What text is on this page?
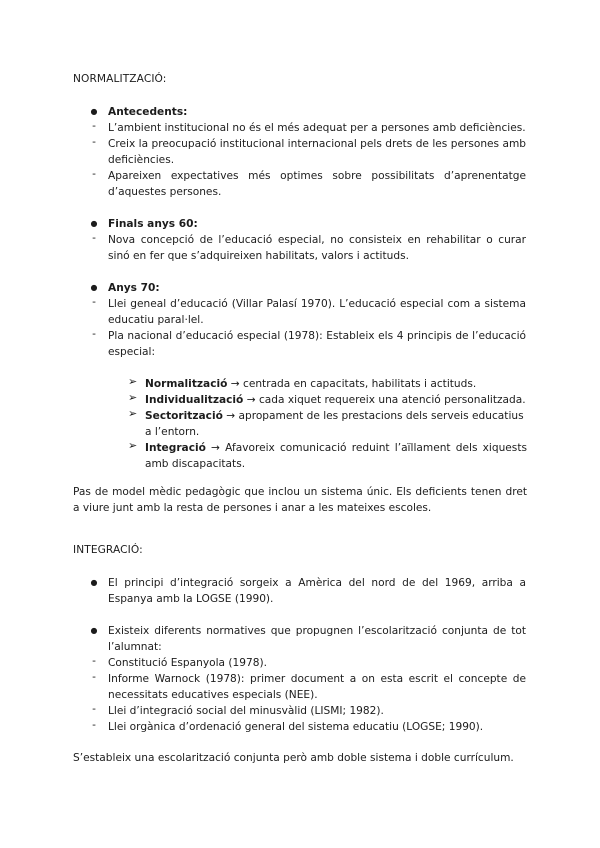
NORMALITZACIÓ:
● Antecedents:
-	L’ambient institucional no és el més adequat per a persones amb deficiències.
-	Creix la preocupació institucional internacional pels drets de les persones amb deficiències.
-	Apareixen expectatives més optimes sobre possibilitats d’aprenentatge d’aquestes persones.
● Finals anys 60:
-	Nova concepció de l’educació especial, no consisteix en rehabilitar o curar sinó en fer que s’adquireixen habilitats, valors i actituds.
● Anys 70:
-	Llei geneal d’educació (Villar Palasí 1970). L’educació especial com a sistema educatiu paral·lel.
-	Pla nacional d’educació especial (1978): Estableix els 4 principis de l’educació especial:
➢ Normalització → centrada en capacitats, habilitats i actituds.
➢ Individualització → cada xiquet requereix una atenció personalitzada.
➢ Sectorització → apropament de les prestacions dels serveis educatius a l’entorn.
➢ Integració → Afavoreix comunicació reduint l’aïllament dels xiquests amb discapacitats.
Pas de model mèdic pedagògic que inclou un sistema únic. Els deficients tenen dret a viure junt amb la resta de persones i anar a les mateixes escoles.
INTEGRACIÓ:
● El principi d’integració sorgeix a Amèrica del nord de del 1969, arriba a Espanya amb la LOGSE (1990).
● Existeix diferents normatives que propugnen l’escolarització conjunta de tot l’alumnat:
-	Constitució Espanyola (1978).
-	Informe Warnock (1978): primer document a on esta escrit el concepte de necessitats educatives especials (NEE).
-	Llei d’integració social del minusvàlid (LISMI; 1982).
-	Llei orgànica d’ordenació general del sistema educatiu (LOGSE; 1990).
S’estableix una escolarització conjunta però amb doble sistema i doble currículum.
